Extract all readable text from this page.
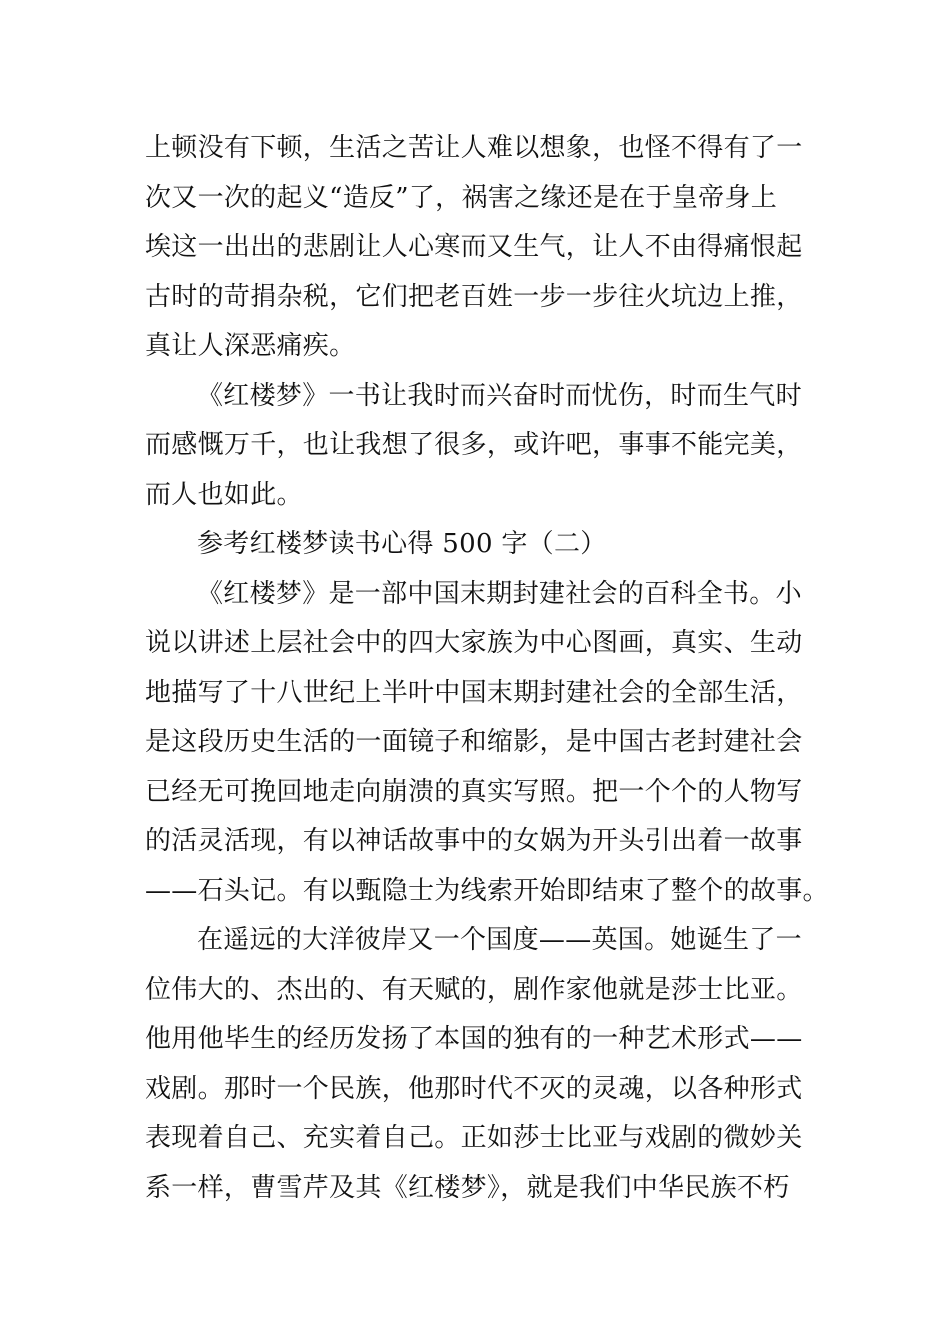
上顿没有下顿，生活之苦让人难以想象，也怪不得有了一
次又一次的起义“造反”了，祸害之缘还是在于皇帝身上
埃这一出出的悲剧让人心寒而又生气，让人不由得痛恨起
古时的苛捐杂税，它们把老百姓一步一步往火坑边上推，
真让人深恶痛疾。
《红楼梦》一书让我时而兴奋时而忧伤，时而生气时
而感慨万千，也让我想了很多，或许吧，事事不能完美，
而人也如此。
参考红楼梦读书心得 500 字（二）
《红楼梦》是一部中国末期封建社会的百科全书。小
说以讲述上层社会中的四大家族为中心图画，真实、生动
地描写了十八世纪上半叶中国末期封建社会的全部生活，
是这段历史生活的一面镜子和缩影，是中国古老封建社会
已经无可挽回地走向崩溃的真实写照。把一个个的人物写
的活灵活现，有以神话故事中的女娲为开头引出着一故事
——石头记。有以甄隐士为线索开始即结束了整个的故事。
在遥远的大洋彼岸又一个国度——英国。她诞生了一
位伟大的、杰出的、有天赋的，剧作家他就是莎士比亚。
他用他毕生的经历发扬了本国的独有的一种艺术形式——
戏剧。那时一个民族，他那时代不灭的灵魂，以各种形式
表现着自己、充实着自己。正如莎士比亚与戏剧的微妙关
系一样，曹雪芹及其《红楼梦》，就是我们中华民族不朽
